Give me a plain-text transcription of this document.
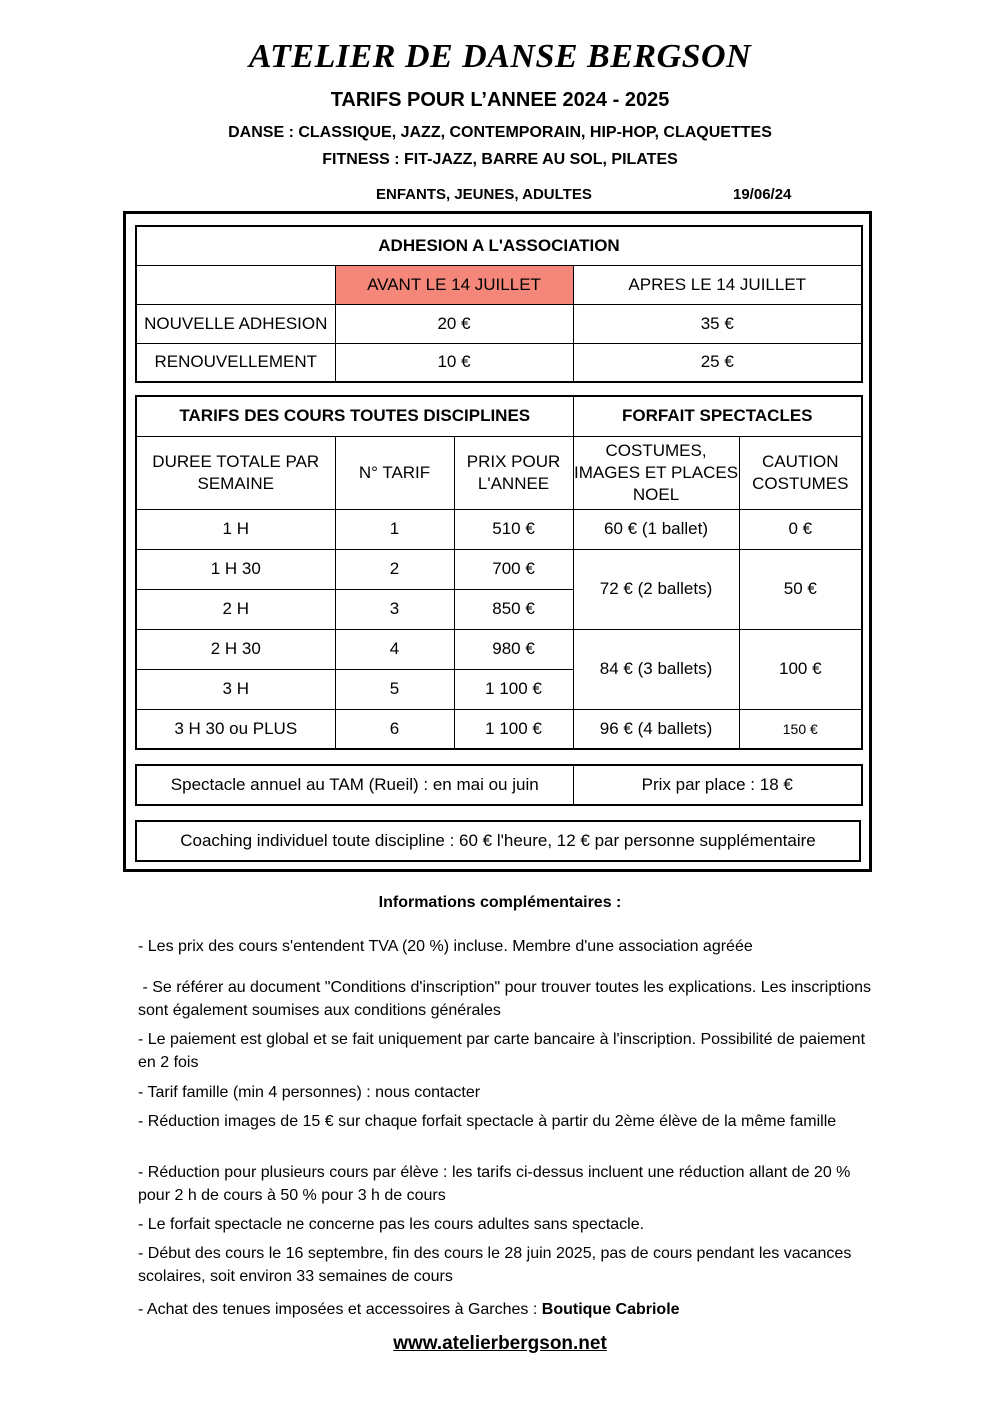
ATELIER DE DANSE BERGSON
TARIFS POUR L’ANNEE 2024 - 2025
DANSE : CLASSIQUE, JAZZ, CONTEMPORAIN, HIP-HOP, CLAQUETTES
FITNESS : FIT-JAZZ, BARRE AU SOL, PILATES
ENFANTS, JEUNES, ADULTES	19/06/24
ADHESION A L'ASSOCIATION		
	AVANT LE 14 JUILLET	APRES LE 14 JUILLET
NOUVELLE ADHESION	20 €	35 €
RENOUVELLEMENT	10 €	25 €
TARIFS DES COURS TOUTES DISCIPLINES			FORFAIT SPECTACLES	
DUREE TOTALE PAR SEMAINE	N° TARIF	PRIX POUR L'ANNEE	COSTUMES, IMAGES ET PLACES NOEL	CAUTION COSTUMES
1 H	1	510 €	60 € (1 ballet)	0 €
1 H 30	2	700 €	72 € (2 ballets)	50 €
2 H	3	850 €		
2 H 30	4	980 €	84 € (3 ballets)	100 €
3 H	5	1 100 €		
3 H 30 ou PLUS	6	1 100 €	96 € (4 ballets)	150 €
Spectacle annuel au TAM (Rueil) : en mai ou juin	Prix par place : 18 €
Coaching individuel toute discipline : 60 € l'heure, 12 € par personne supplémentaire
Informations complémentaires :
- Les prix des cours s'entendent TVA (20 %) incluse. Membre d'une association agréée
- Se référer au document "Conditions d'inscription" pour trouver toutes les explications. Les inscriptions sont également soumises aux conditions générales
- Le paiement est global et se fait uniquement par carte bancaire à l'inscription. Possibilité de paiement en 2 fois
- Tarif famille (min 4 personnes) : nous contacter
- Réduction images de 15 € sur chaque forfait spectacle à partir du 2ème élève de la même famille
- Réduction pour plusieurs cours par élève : les tarifs ci-dessus incluent une réduction allant de 20 % pour 2 h de cours à 50 % pour 3 h de cours
- Le forfait spectacle ne concerne pas les cours adultes sans spectacle.
- Début des cours le 16 septembre, fin des cours le 28 juin 2025, pas de cours pendant les vacances scolaires, soit environ 33 semaines de cours
- Achat des tenues imposées et accessoires à Garches : Boutique Cabriole
www.atelierbergson.net
